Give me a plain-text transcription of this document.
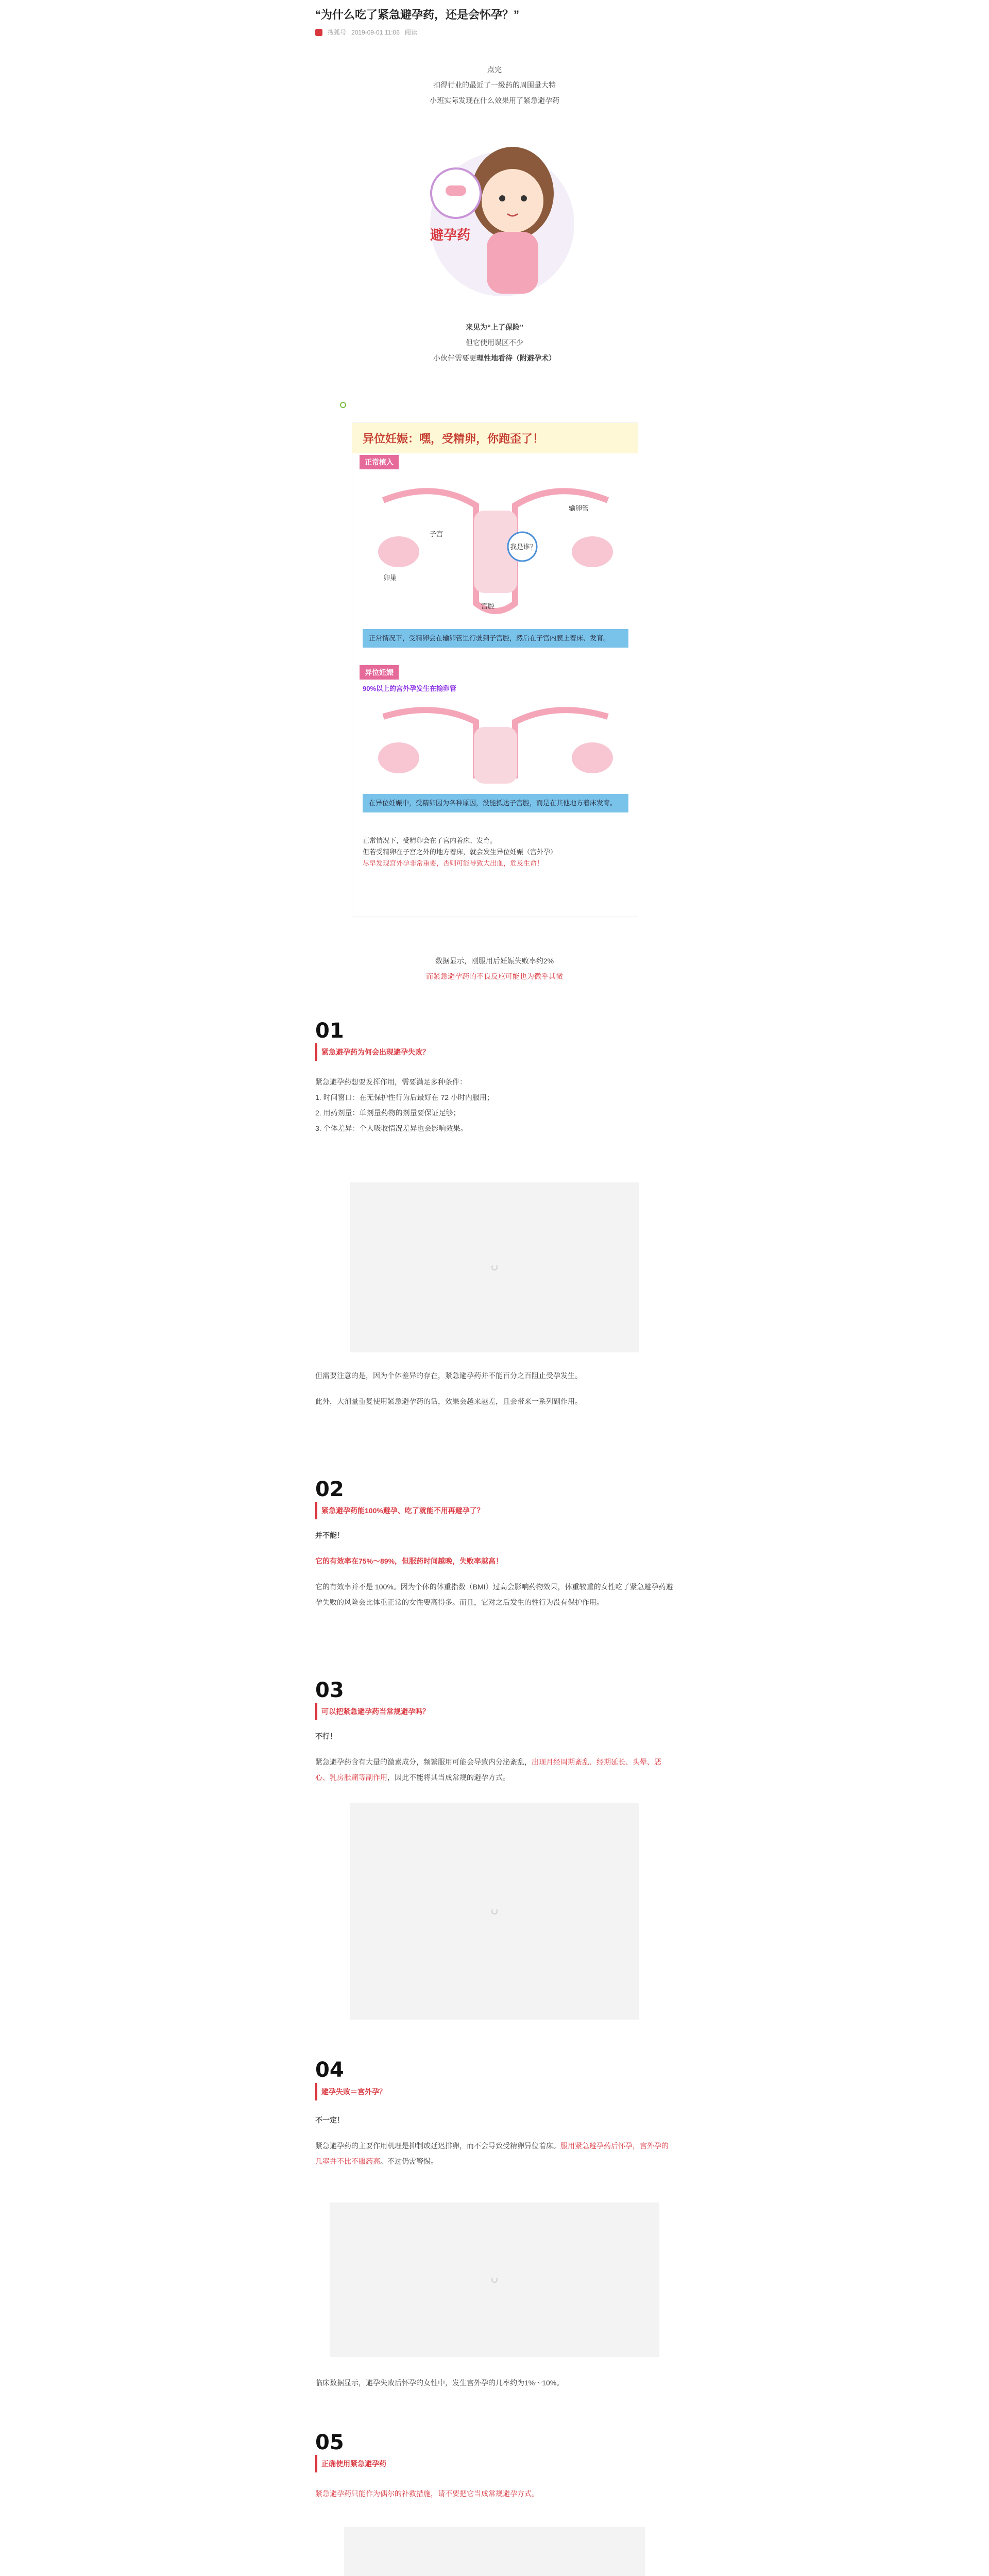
“为什么吃了紧急避孕药，还是会怀孕？”
搜狐号 2019-09-01 11:06 阅读
点完
扣得行业的最近了一级药的周围量大特
小班实际发现在什么效果用了紧急避孕药
避孕药
来见为“上了保险”
但它使用误区不少
小伙伴需要更理性地看待（附避孕术）
异位妊娠：嘿，受精卵，你跑歪了！
正常植入
我是谁？
子宫
卵巢
输卵管
宫腔
正常情况下，受精卵会在输卵管里行驶到子宫腔，然后在子宫内膜上着床、发育。
异位妊娠
90%以上的宫外孕发生在输卵管
在异位妊娠中，受精卵因为各种原因，没能抵达子宫腔，而是在其他地方着床发育。
正常情况下，受精卵会在子宫内着床、发育。
但若受精卵在子宫之外的地方着床，就会发生异位妊娠（宫外孕）
尽早发现宫外孕非常重要，否则可能导致大出血，危及生命！
数据显示，刚服用后妊娠失败率约2%
而紧急避孕药的不良反应可能也为微乎其微
01
紧急避孕药为何会出现避孕失败？
紧急避孕药想要发挥作用，需要满足多种条件：
1. 时间窗口：在无保护性行为后最好在 72 小时内服用；
2. 用药剂量：单剂量药物的剂量要保证足够；
3. 个体差异：个人吸收情况差异也会影响效果。
但需要注意的是，因为个体差异的存在，紧急避孕药并不能百分之百阻止受孕发生。
此外，大剂量重复使用紧急避孕药的话，效果会越来越差，且会带来一系列副作用。
02
紧急避孕药能100%避孕、吃了就能不用再避孕了？
并不能！
它的有效率在75%～89%，但服药时间越晚，失败率越高！
它的有效率并不是 100%。因为个体的体重指数（BMI）过高会影响药物效果，体重较重的女性吃了紧急避孕药避孕失败的风险会比体重正常的女性要高得多。而且，它对之后发生的性行为没有保护作用。
03
可以把紧急避孕药当常规避孕吗？
不行！
紧急避孕药含有大量的激素成分，频繁服用可能会导致内分泌紊乱，出现月经周期紊乱、经期延长、头晕、恶心、乳房胀痛等副作用，因此不能将其当成常规的避孕方式。
04
避孕失败＝宫外孕？
不一定！
紧急避孕药的主要作用机理是抑制或延迟排卵，而不会导致受精卵异位着床。服用紧急避孕药后怀孕，宫外孕的几率并不比不服药高。不过仍需警惕。
临床数据显示，避孕失败后怀孕的女性中，发生宫外孕的几率约为1%～10%。
05
正确使用紧急避孕药
紧急避孕药只能作为偶尔的补救措施，请不要把它当成常规避孕方式。
